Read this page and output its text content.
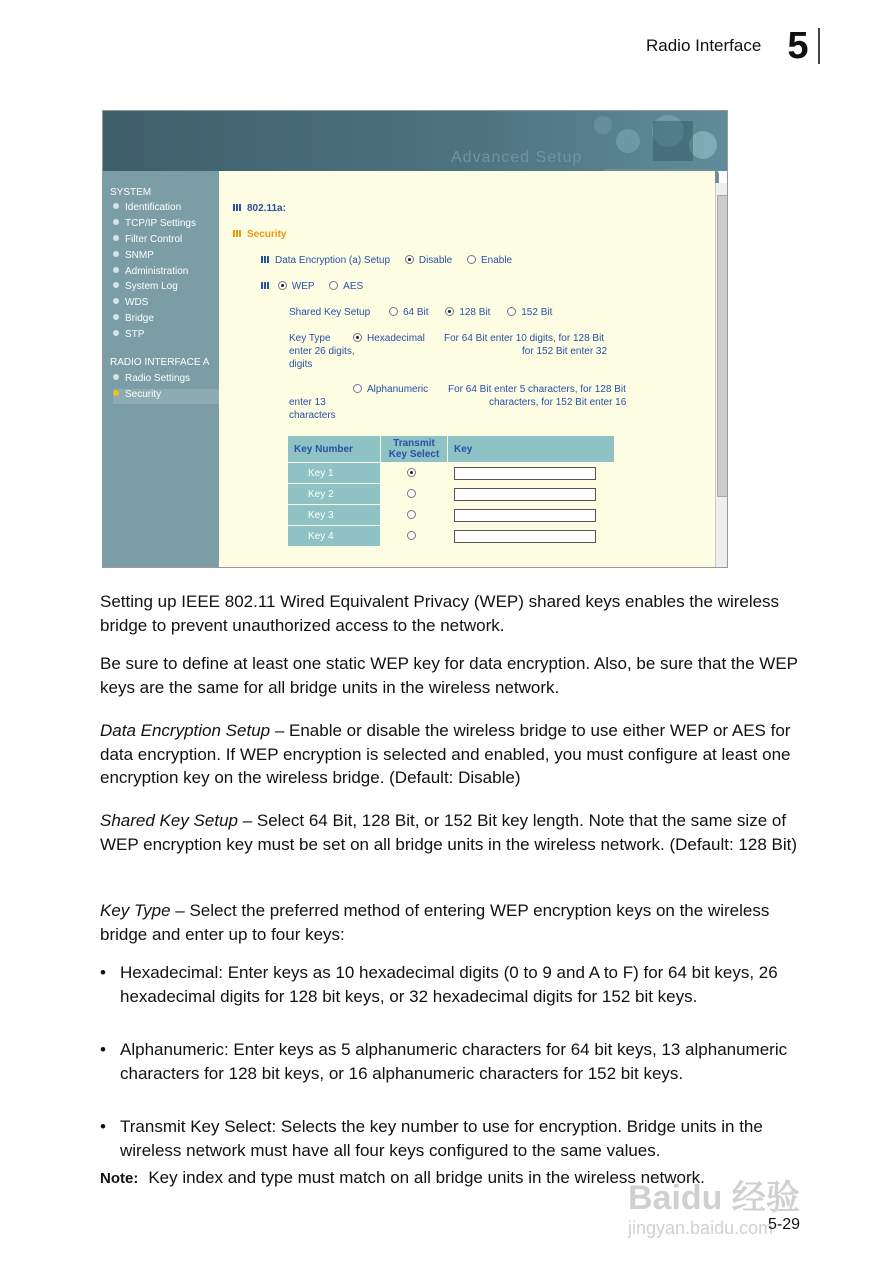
Radio Interface 5
Advanced Setup
SYSTEM
Identification
TCP/IP Settings
Filter Control
SNMP
Administration
System Log
WDS
Bridge
STP
RADIO INTERFACE A
Radio Settings
Security
802.11a:
Security
Data Encryption (a) Setup	Disable	Enable
WEP	AES
Shared Key Setup	64 Bit	128 Bit	152 Bit
Key Type	Hexadecimal For 64 Bit enter 10 digits, for 128 Bit
enter 26 digits,	for 152 Bit enter 32
digits
Alphanumeric For 64 Bit enter 5 characters, for 128 Bit
enter 13	characters, for 152 Bit enter 16
characters
Key Number	Transmit Key Select	Key
Key 1		

Key 2		

Key 3		

Key 4		
Setting up IEEE 802.11 Wired Equivalent Privacy (WEP) shared keys enables the wireless bridge to prevent unauthorized access to the network.
Be sure to define at least one static WEP key for data encryption. Also, be sure that the WEP keys are the same for all bridge units in the wireless network.
Data Encryption Setup – Enable or disable the wireless bridge to use either WEP or AES for data encryption. If WEP encryption is selected and enabled, you must configure at least one encryption key on the wireless bridge. (Default: Disable)
Shared Key Setup – Select 64 Bit, 128 Bit, or 152 Bit key length. Note that the same size of WEP encryption key must be set on all bridge units in the wireless network. (Default: 128 Bit)
Key Type – Select the preferred method of entering WEP encryption keys on the wireless bridge and enter up to four keys:
• Hexadecimal: Enter keys as 10 hexadecimal digits (0 to 9 and A to F) for 64 bit keys, 26 hexadecimal digits for 128 bit keys, or 32 hexadecimal digits for 152 bit keys.
• Alphanumeric: Enter keys as 5 alphanumeric characters for 64 bit keys, 13 alphanumeric characters for 128 bit keys, or 16 alphanumeric characters for 152 bit keys.
• Transmit Key Select: Selects the key number to use for encryption. Bridge units in the wireless network must have all four keys configured to the same values.
Note: Key index and type must match on all bridge units in the wireless network.
Baidu 经验
jingyan.baidu.com
5-29
